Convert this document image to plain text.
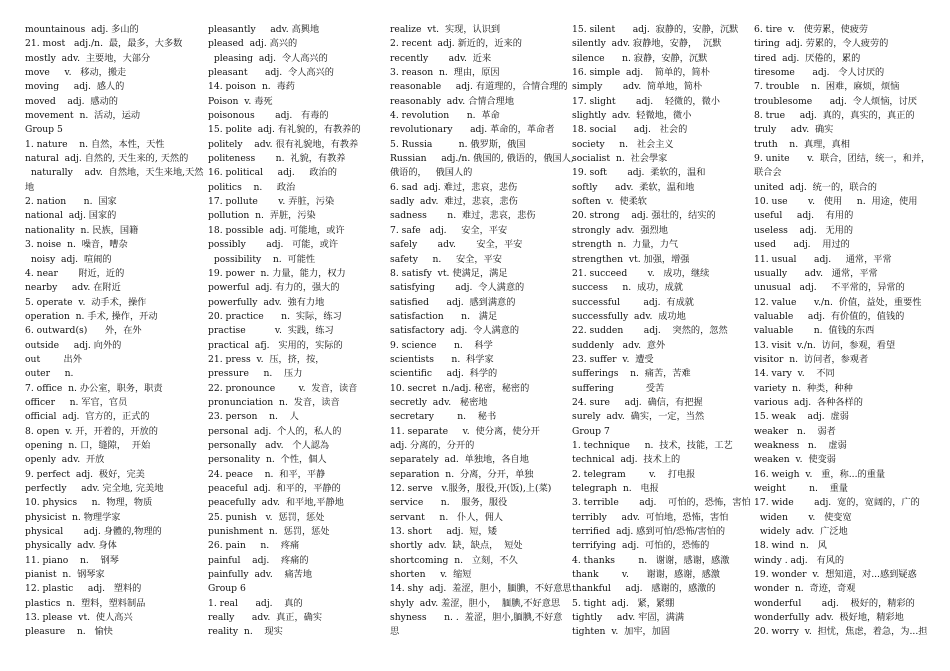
mountainous  adj. 多山的
21. most   adj./n.  最，最多，大多数
mostly  adv.  主要地，大部分
move     v.   移动，搬走
moving     adj.  感人的
moved    adj.  感动的
movement  n.  活动，运动
Group 5
1. nature    n. 自然，本性，天性
natural  adj. 自然的, 天生来的, 天然的
naturally    adv.  自然地，天生来地,天然
地
2. nation      n.  国家
national  adj. 国家的
nationality  n. 民族，国籍
3. noise  n.  噪音，嘈杂
noisy  adj.  喧闹的
4. near       附近，近的
nearby     adv. 在附近
5. operate  v.  动手术，操作
operation  n. 手术, 操作，开动
6. outward(s)      外，在外
outside     adj. 向外的
out        出外
outer     n.
7. office  n. 办公室，职务，职责
officer     n. 军官，官员
official  adj.  官方的，正式的
8. open  v. 开，开着的，开放的
opening  n. 口，缝隙，  开始
openly  adv.  开放
9. perfect  adj.  极好，完美
perfectly     adv. 完全地, 完美地
10. physics     n.  物理，物质
physicist  n. 物理学家
physical       adj. 身體的,物理的
physically  adv. 身体
11. piano    n.    钢琴
pianist  n.  钢琴家
12. plastic     adj.   塑料的
plastics  n.  塑料，塑料制品
13. please  vt.  使人高兴
pleasure    n.   愉快
pleasantly     adv. 高興地
pleased  adj. 高兴的
pleasing  adj.  令人高兴的
pleasant      adj.  令人高兴的
14. poison  n.  毒药
Poison  v. 毒死
poisonous       adj.   有毒的
15. polite  adj. 有礼貌的，有教养的
politely    adv. 很有礼貌地，有教养
politeness       n.  礼貌，有教养
16. political     adj.     政治的
politics    n.     政治
17. pollute       v. 弄脏，污染
pollution  n.  弄脏，污染
18. possible  adj. 可能地，或许
possibly       adj.   可能，或许
possibility    n.  可能性
19. power  n. 力量，能力，权力
powerful  adj. 有力的，强大的
powerfully  adv.  強有力地
20. practice      n.  实际，练习
practise          v.  实践，练习
practical  afj.   实用的，实际的
21. press  v.  压，挤，按，
pressure     n.    压力
22. pronounce        v.  发音，读音
pronunciation  n.  发音，读音
23. person    n.    人
personal  adj.  个人的，私人的
personally   adv.   个人認為
personality  n.  个性，個人
24. peace    n.  和平，平静
peaceful  adj.  和平的，平静的
peacefully  adv.  和平地,平静地
25. punish   v.  惩罚，惩处
punishment  n.  惩罚，惩处
26. pain     n.    疼痛
painful    adj.    疼痛的
painfully  adv.    痛苦地
Group 6
1. real      adj.    真的
really      adv.  真正，确实
reality  n.    现实
realize  vt.  实现，认识到
2. recent  adj. 新近的，近来的
recently       adv.  近来
3. reason  n.  理由，原因
reasonable     adj. 有道理的，合情合理的
reasonably  adv. 合情合理地
4. revolution      n.  革命
revolutionary      adj. 革命的，革命者
5. Russia         n. 俄罗斯，俄国
Russian     adj./n. 俄国的, 俄语的，俄国人,
俄语的，   俄国人的
6. sad  adj. 难过，悲哀，悲伤
sadly  adv.  难过，悲哀，悲伤
sadness       n.  难过，悲哀，悲伤
7. safe   adj.     安全，平安
safely       adv.       安全，平安
safety     n.     安全，平安
8. satisfy  vt. 使满足，满足
satisfying       adj.  令人满意的
satisfied      adj.  感到满意的
satisfaction      n.   满足
satisfactory  adj.  令人满意的
9. science      n.    科学
scientists      n.  科学家
scientific     adj.  科学的
10. secret  n./adj. 秘密，秘密的
secretly  adv.   秘密地
secretary        n.    秘书
11. separate     v.  使分离，使分开
adj. 分离的，分开的
separately  ad.  单独地，各自地
separation  n.  分离，分开，单独
12. serve   v.服务，服役,开(饭),上(菜)
service      n.    服务，服役
servant     n.   仆人，佣人
13. short     adj.  短，矮
shortly  adv.  缺，缺点，  短处
shortcoming  n.   立刻，不久
shorten     v.  缩短
14. shy  adj.  羞涩，胆小，腼腆，不好意思
shyly  adv. 羞涩，胆小，  腼腆,不好意思
shyness      n. .  羞涩，胆小,腼腆,不好意
思
15. silent      adj.  寂静的，安静，沉默
silently  adv. 寂静地，安静，  沉默
silence      n. 寂静，安静，沉默
16. simple  adj.    简单的，简朴
simply       adv.  简单地，简朴
17. slight       adj.    轻微的，微小
slightly  adv.  轻微地，微小
18. social      adj.   社会的
society     n.   社会主义
socialist  n.  社会學家
19. soft       adj.  柔软的，温和
softly      adv.  柔软，温和地
soften  v.  使柔软
20. strong    adj. 强壮的，结实的
strongly  adv.  强烈地
strength  n.  力量，力气
strengthen  vt. 加强，增强
21. succeed       v.   成功，继续
success     n.  成功，成就
successful        adj.  有成就
successfully  adv.  成功地
22. sudden       adj.    突然的，忽然
suddenly   adv.  意外
23. suffer  v.  遭受
sufferings    n.  痛苦，苦难
suffering           受苦
24. sure     adj.  确信，有把握
surely  adv.  确实，一定，当然
Group 7
1. technique     n.  技术，技能，工艺
technical  adj.  技术上的
2. telegram        v.    打电报
telegraph  n.   电报
3. terrible       adj.    可怕的，恐怖，害怕
terribly     adv.  可怕地，恐怖，害怕
terrified  adj. 感到可怕/恐怖/害怕的
terrifying  adj.  可怕的，恐怖的
4. thanks        n.   谢谢，感谢，感激
thank        v.      谢谢，感谢，感激
thankful     adj.   感谢的，感激的
5. tight  adj.   紧，紧绷
tightly     adv. 牢固，满满
tighten  v.  加牢，加固
6. tire  v.   使劳累，使疲劳
tiring  adj. 劳累的，令人疲劳的
tired  adj.  厌倦的，累的
tiresome      adj.   令人讨厌的
7. trouble    n.  困难，麻烦，烦恼
troublesome      adj.  令人烦恼，讨厌
8. true     adj.  真的，真实的，真正的
truly     adv.  确实
truth    n.  真理，真相
9. unite      v.  联合，团结，统一，和并，
联合会
united  adj.  统一的，联合的
10. use       v.   使用     n.  用途，使用
useful     adj.    有用的
useless    adj.   无用的
used      adj.    用过的
11. usual      adj.     通常，平常
usually      adv.   通常，平常
unusual   adj.     不平常的，异常的
12. value      v./n.  价值，益处，重要性
valuable     adj.  有价值的，值钱的
valuable       n.  值钱的东西
13. visit  v./n.  访问，参观，看望
visitor  n.  访问者，参观者
14. vary  v.    不同
variety  n.  种类，种种
various  adj.  各种各样的
15. weak    adj.  虚弱
weaker   n.    弱者
weakness   n.    虚弱
weaken  v.  使变弱
16. weigh  v.   重，称...的重量
weight        n.    重量
17. wide       adj.  宽的，宽阔的，广的
widen       v.   使变宽
widely  adv.  广泛地
18. wind  n.   风
windy . adj.   有风的
19. wonder  v.  想知道，对...感到疑惑
wonder  n.  奇迹，奇观
wonderful       adj.    极好的，精彩的
wonderfully  adv.  极好地，精彩地
20. worry  v.  担忧，焦虑，着急，为...担
